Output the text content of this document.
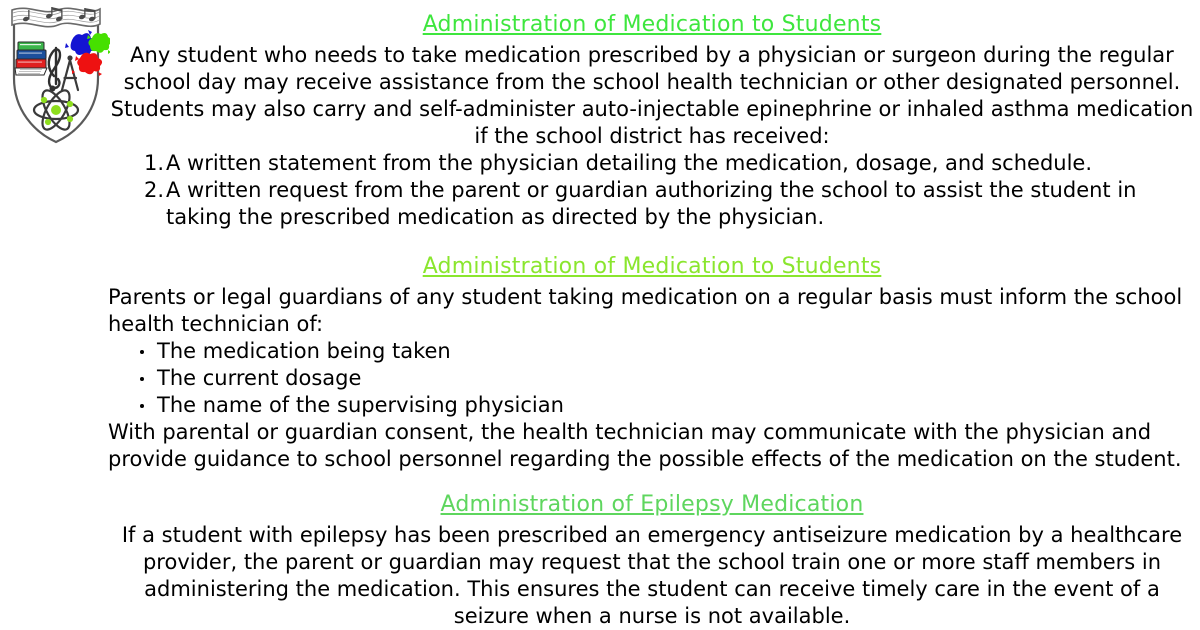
Administration of Medication to Students

Any student who needs to take medication prescribed by a physician or surgeon during the regular school day may receive assistance from the school health technician or other designated personnel. Students may also carry and self-administer auto-injectable epinephrine or inhaled asthma medication if the school district has received:

A written statement from the physician detailing the medication, dosage, and schedule.
A written request from the parent or guardian authorizing the school to assist the student in taking the prescribed medication as directed by the physician.
Administration of Medication to Students

Parents or legal guardians of any student taking medication on a regular basis must inform the school health technician of:

The medication being taken
The current dosage
The name of the supervising physician

With parental or guardian consent, the health technician may communicate with the physician and provide guidance to school personnel regarding the possible effects of the medication on the student.

Administration of Epilepsy Medication

If a student with epilepsy has been prescribed an emergency antiseizure medication by a healthcare provider, the parent or guardian may request that the school train one or more staff members in administering the medication. This ensures the student can receive timely care in the event of a seizure when a nurse is not available.
